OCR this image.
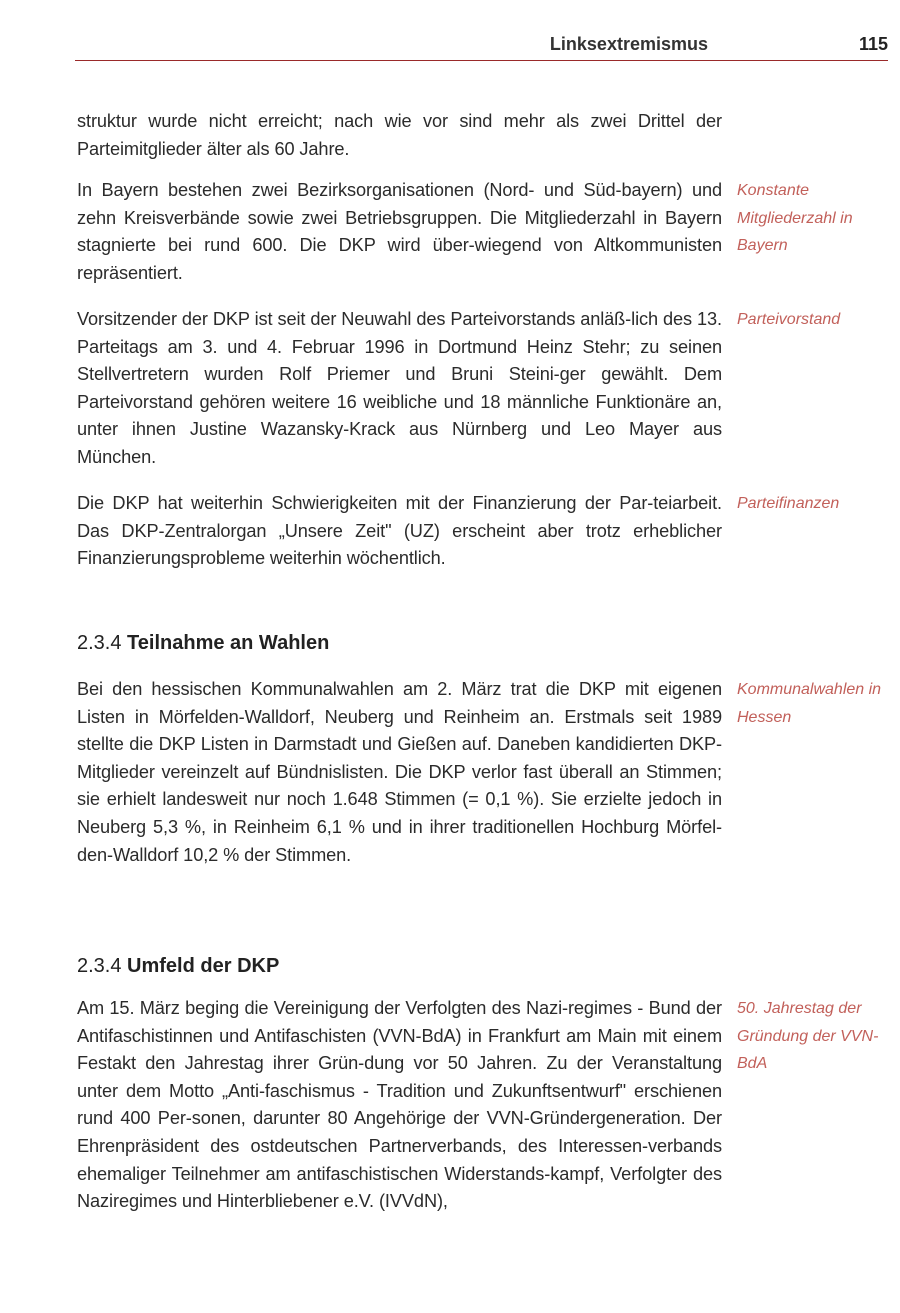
Linksextremismus	115

struktur wurde nicht erreicht; nach wie vor sind mehr als zwei Drittel der Parteimitglieder älter als 60 Jahre.

In Bayern bestehen zwei Bezirksorganisationen (Nord- und Süd-bayern) und zehn Kreisverbände sowie zwei Betriebsgruppen. Die Mitgliederzahl in Bayern stagnierte bei rund 600. Die DKP wird über-wiegend von Altkommunisten repräsentiert.

Konstante Mitgliederzahl in Bayern

Vorsitzender der DKP ist seit der Neuwahl des Parteivorstands anläß-lich des 13. Parteitags am 3. und 4. Februar 1996 in Dortmund Heinz Stehr; zu seinen Stellvertretern wurden Rolf Priemer und Bruni Steini-ger gewählt. Dem Parteivorstand gehören weitere 16 weibliche und 18 männliche Funktionäre an, unter ihnen Justine Wazansky-Krack aus Nürnberg und Leo Mayer aus München.

Parteivorstand

Die DKP hat weiterhin Schwierigkeiten mit der Finanzierung der Par-teiarbeit. Das DKP-Zentralorgan „Unsere Zeit" (UZ) erscheint aber trotz erheblicher Finanzierungsprobleme weiterhin wöchentlich.

Parteifinanzen
2.3.4 Teilnahme an Wahlen

Bei den hessischen Kommunalwahlen am 2. März trat die DKP mit eigenen Listen in Mörfelden-Walldorf, Neuberg und Reinheim an. Erstmals seit 1989 stellte die DKP Listen in Darmstadt und Gießen auf. Daneben kandidierten DKP-Mitglieder vereinzelt auf Bündnislisten. Die DKP verlor fast überall an Stimmen; sie erhielt landesweit nur noch 1.648 Stimmen (= 0,1 %). Sie erzielte jedoch in Neuberg 5,3 %, in Reinheim 6,1 % und in ihrer traditionellen Hochburg Mörfel-den-Walldorf 10,2 % der Stimmen.

Kommunalwahlen in Hessen
2.3.4 Umfeld der DKP

Am 15. März beging die Vereinigung der Verfolgten des Nazi-regimes - Bund der Antifaschistinnen und Antifaschisten (VVN-BdA) in Frankfurt am Main mit einem Festakt den Jahrestag ihrer Grün-dung vor 50 Jahren. Zu der Veranstaltung unter dem Motto „Anti-faschismus - Tradition und Zukunftsentwurf" erschienen rund 400 Per-sonen, darunter 80 Angehörige der VVN-Gründergeneration. Der Ehrenpräsident des ostdeutschen Partnerverbands, des Interessen-verbands ehemaliger Teilnehmer am antifaschistischen Widerstands-kampf, Verfolgter des Naziregimes und Hinterbliebener e.V. (IVVdN),

50. Jahrestag der Gründung der VVN-BdA
